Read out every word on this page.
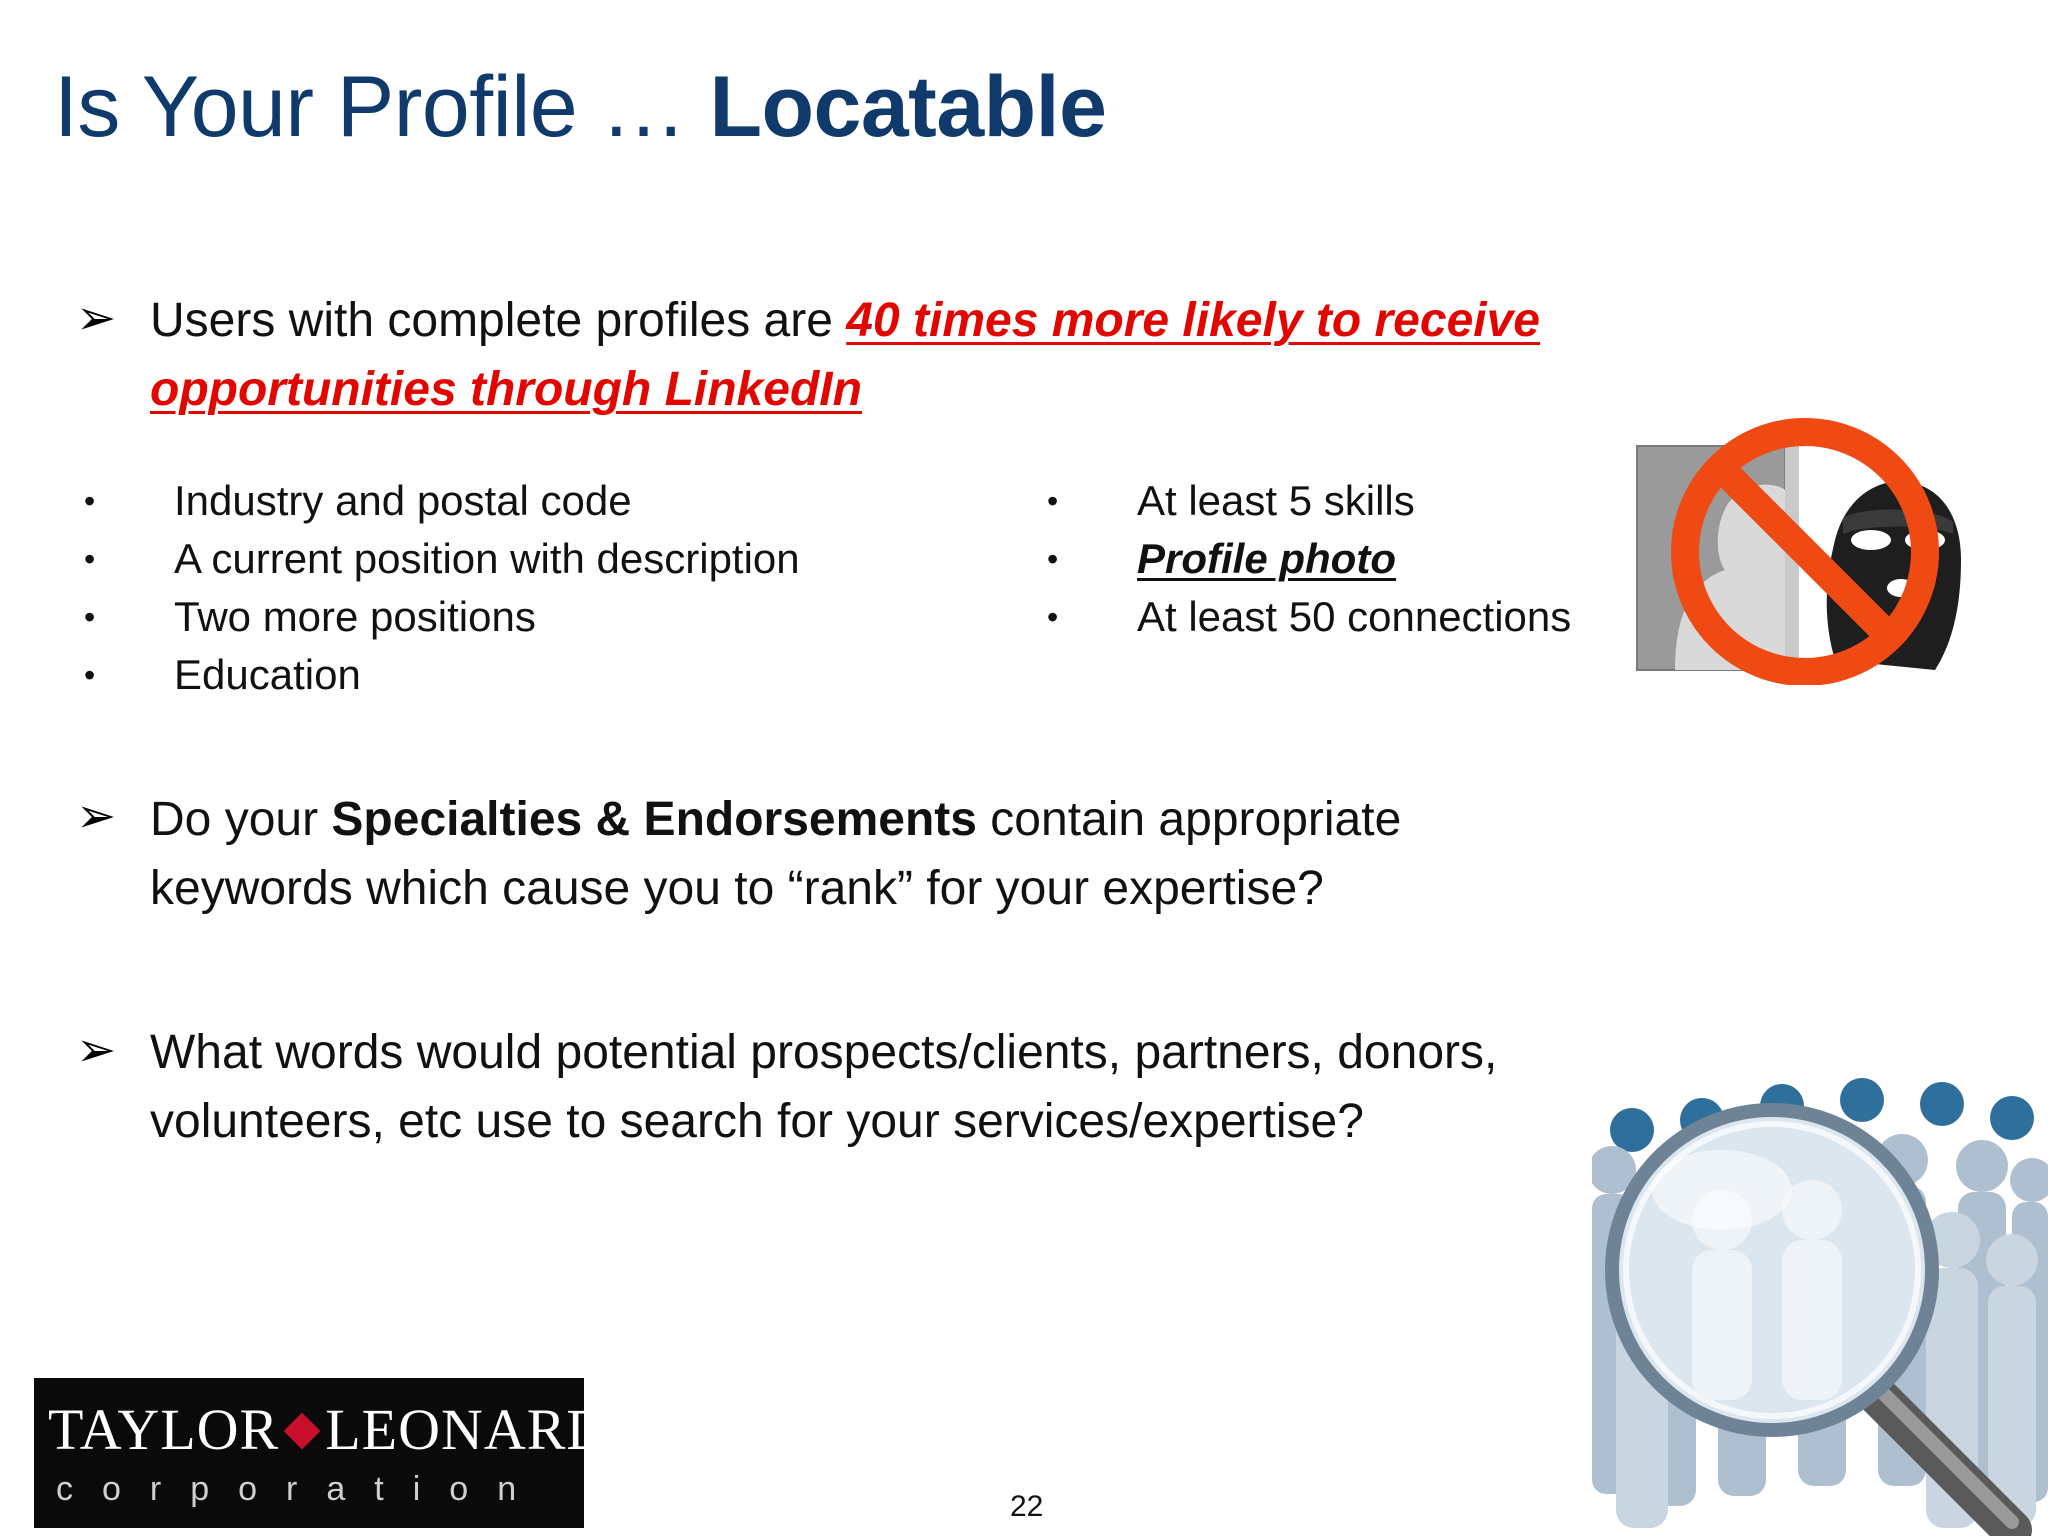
Is Your Profile … Locatable
➢ Users with complete profiles are 40 times more likely to receive opportunities through LinkedIn
• Industry and postal code
• A current position with description
• Two more positions
• Education
• At least 5 skills
• Profile photo
• At least 50 connections
➢ Do your Specialties & Endorsements contain appropriate keywords which cause you to “rank” for your expertise?
➢ What words would potential prospects/clients, partners, donors, volunteers, etc use to search for your services/expertise?
TAYLOR LEONARD
corporation	22
